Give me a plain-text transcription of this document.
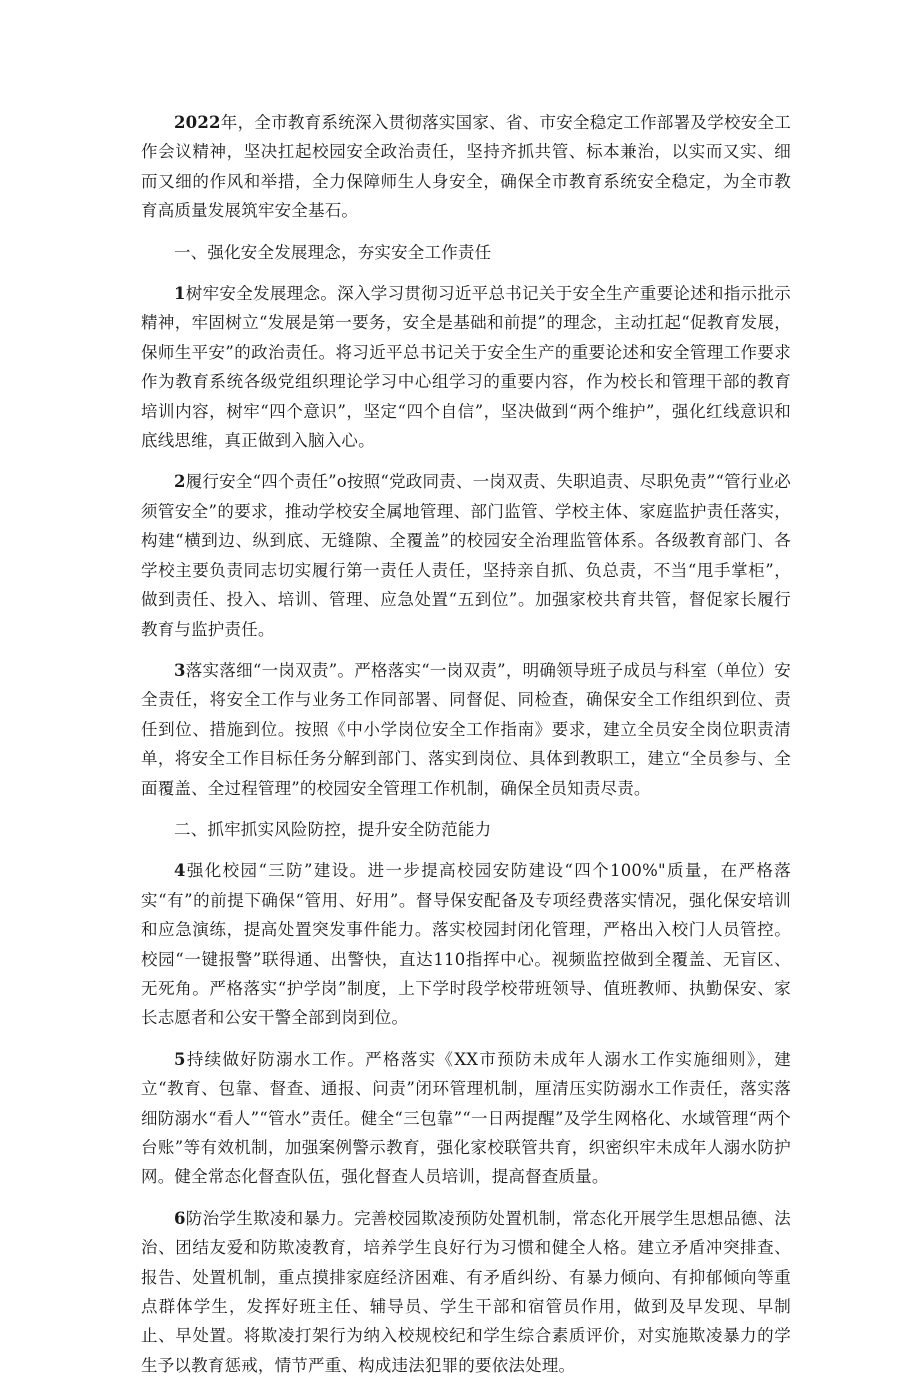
2022年，全市教育系统深入贯彻落实国家、省、市安全稳定工作部署及学校安全工作会议精神，坚决扛起校园安全政治责任，坚持齐抓共管、标本兼治，以实而又实、细而又细的作风和举措，全力保障师生人身安全，确保全市教育系统安全稳定，为全市教育高质量发展筑牢安全基石。

一、强化安全发展理念，夯实安全工作责任

1树牢安全发展理念。深入学习贯彻习近平总书记关于安全生产重要论述和指示批示精神，牢固树立“发展是第一要务，安全是基础和前提”的理念，主动扛起“促教育发展，保师生平安”的政治责任。将习近平总书记关于安全生产的重要论述和安全管理工作要求作为教育系统各级党组织理论学习中心组学习的重要内容，作为校长和管理干部的教育培训内容，树牢“四个意识”，坚定“四个自信”，坚决做到“两个维护”，强化红线意识和底线思维，真正做到入脑入心。

2履行安全“四个责任”o按照“党政同责、一岗双责、失职追责、尽职免责”“管行业必须管安全”的要求，推动学校安全属地管理、部门监管、学校主体、家庭监护责任落实，构建“横到边、纵到底、无缝隙、全覆盖”的校园安全治理监管体系。各级教育部门、各学校主要负责同志切实履行第一责任人责任，坚持亲自抓、负总责，不当“甩手掌柜”，做到责任、投入、培训、管理、应急处置“五到位”。加强家校共育共管，督促家长履行教育与监护责任。

3落实落细“一岗双责”。严格落实“一岗双责”，明确领导班子成员与科室（单位）安全责任，将安全工作与业务工作同部署、同督促、同检查，确保安全工作组织到位、责任到位、措施到位。按照《中小学岗位安全工作指南》要求，建立全员安全岗位职责清单，将安全工作目标任务分解到部门、落实到岗位、具体到教职工，建立“全员参与、全面覆盖、全过程管理”的校园安全管理工作机制，确保全员知责尽责。

二、抓牢抓实风险防控，提升安全防范能力

4强化校园“三防”建设。进一步提高校园安防建设“四个100%"质量，在严格落实“有”的前提下确保“管用、好用”。督导保安配备及专项经费落实情况，强化保安培训和应急演练，提高处置突发事件能力。落实校园封闭化管理，严格出入校门人员管控。校园“一键报警”联得通、出警快，直达110指挥中心。视频监控做到全覆盖、无盲区、无死角。严格落实“护学岗”制度，上下学时段学校带班领导、值班教师、执勤保安、家长志愿者和公安干警全部到岗到位。

5持续做好防溺水工作。严格落实《XX市预防未成年人溺水工作实施细则》，建立“教育、包靠、督查、通报、问责”闭环管理机制，厘清压实防溺水工作责任，落实落细防溺水“看人”“管水”责任。健全“三包靠”“一日两提醒”及学生网格化、水域管理“两个台账”等有效机制，加强案例警示教育，强化家校联管共育，织密织牢未成年人溺水防护网。健全常态化督查队伍，强化督查人员培训，提高督查质量。

6防治学生欺凌和暴力。完善校园欺凌预防处置机制，常态化开展学生思想品德、法治、团结友爱和防欺凌教育，培养学生良好行为习惯和健全人格。建立矛盾冲突排查、报告、处置机制，重点摸排家庭经济困难、有矛盾纠纷、有暴力倾向、有抑郁倾向等重点群体学生，发挥好班主任、辅导员、学生干部和宿管员作用，做到及早发现、早制止、早处置。将欺凌打架行为纳入校规校纪和学生综合素质评价，对实施欺凌暴力的学生予以教育惩戒，情节严重、构成违法犯罪的要依法处理。
